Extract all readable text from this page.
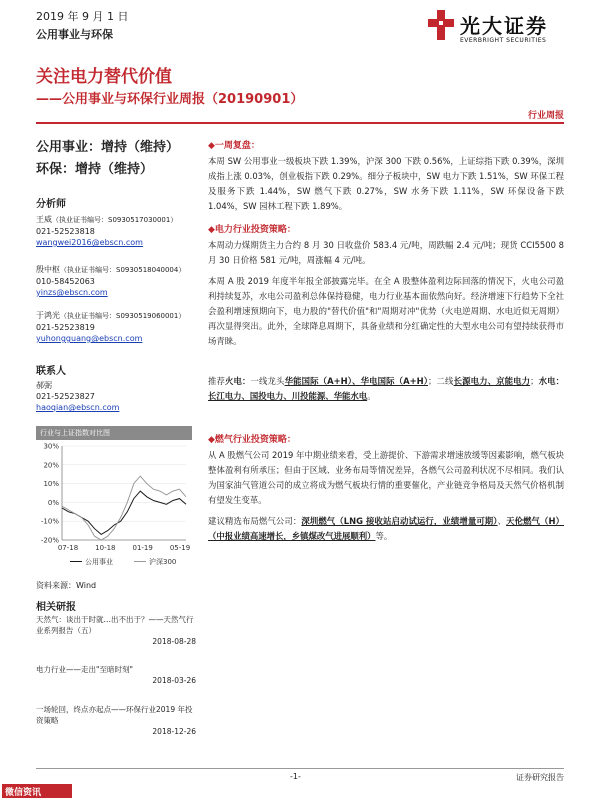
2019 年 9 月 1 日
公用事业与环保	光大证券
EVERBRIGHT SECURITIES
关注电力替代价值
——公用事业与环保行业周报（20190901）
行业周报
公用事业：增持（维持）
环保：增持（维持）
分析师
王威（执业证书编号：S0930517030001）
021-52523818
wangwei2016@ebscn.com
殷中枢（执业证书编号：S0930518040004）
010-58452063
yinzs@ebscn.com
于鸿光（执业证书编号：S0930519060001）
021-52523819
yuhongguang@ebscn.com
联系人
郝弼
021-52523827
haoqian@ebscn.com
行业与上证指数对比图
30%
20%
10%
0%
-10%
-20%
07-18 10-18 01-19 05-19
公用事业	沪深300
资料来源：Wind
相关研报
天然气：谈出于时就…出不出于？——天然气行业系列报告（五）
2018-08-28
电力行业——走出"至暗时刻"
2018-03-26
一场轮回，终点亦起点——环保行业2019 年投资策略
2018-12-26
◆一周复盘：
本周 SW 公用事业一级板块下跌 1.39%，沪深 300 下跌 0.56%，上证综指下跌 0.39%，深圳成指上涨 0.03%，创业板指下跌 0.29%。细分子板块中，SW 电力下跌 1.51%，SW 环保工程及服务下跌 1.44%，SW 燃气下跌 0.27%，SW 水务下跌 1.11%，SW 环保设备下跌 1.04%，SW 园林工程下跌 1.89%。
◆电力行业投资策略：
本周动力煤期货主力合约 8 月 30 日收盘价 583.4 元/吨，周跌幅 2.4 元/吨；现货 CCI5500 8 月 30 日价格 581 元/吨，周涨幅 4 元/吨。
本周 A 股 2019 年度半年报全部披露完毕。在全 A 股整体盈利边际回落的情况下，火电公司盈利持续复苏，水电公司盈利总体保持稳健，电力行业基本面依然向好。经济增速下行趋势下全社会盈利增速预期向下，电力股的"替代价值"和"周期对冲"优势（火电逆周期、水电近似无周期）再次显得突出。此外，全球降息周期下，具备业绩和分红确定性的大型水电公司有望持续获得市场青睐。
推荐火电：一线龙头华能国际（A+H）、华电国际（A+H）；二线长源电力、京能电力；水电：长江电力、国投电力、川投能源、华能水电。
◆燃气行业投资策略：
从 A 股燃气公司 2019 年中期业绩来看，受上游提价、下游需求增速放缓等因素影响，燃气板块整体盈利有所承压；但由于区域、业务布局等情况差异，各燃气公司盈利状况不尽相同。我们认为国家油气管道公司的成立将成为燃气板块行情的重要催化，产业链竞争格局及天然气价格机制有望发生变革。
建议精选布局燃气公司：深圳燃气（LNG 接收站启动试运行，业绩增量可期）、天伦燃气（H）（中报业绩高速增长，乡镇煤改气进展顺利）等。
-1-	证券研究报告
微信资讯
